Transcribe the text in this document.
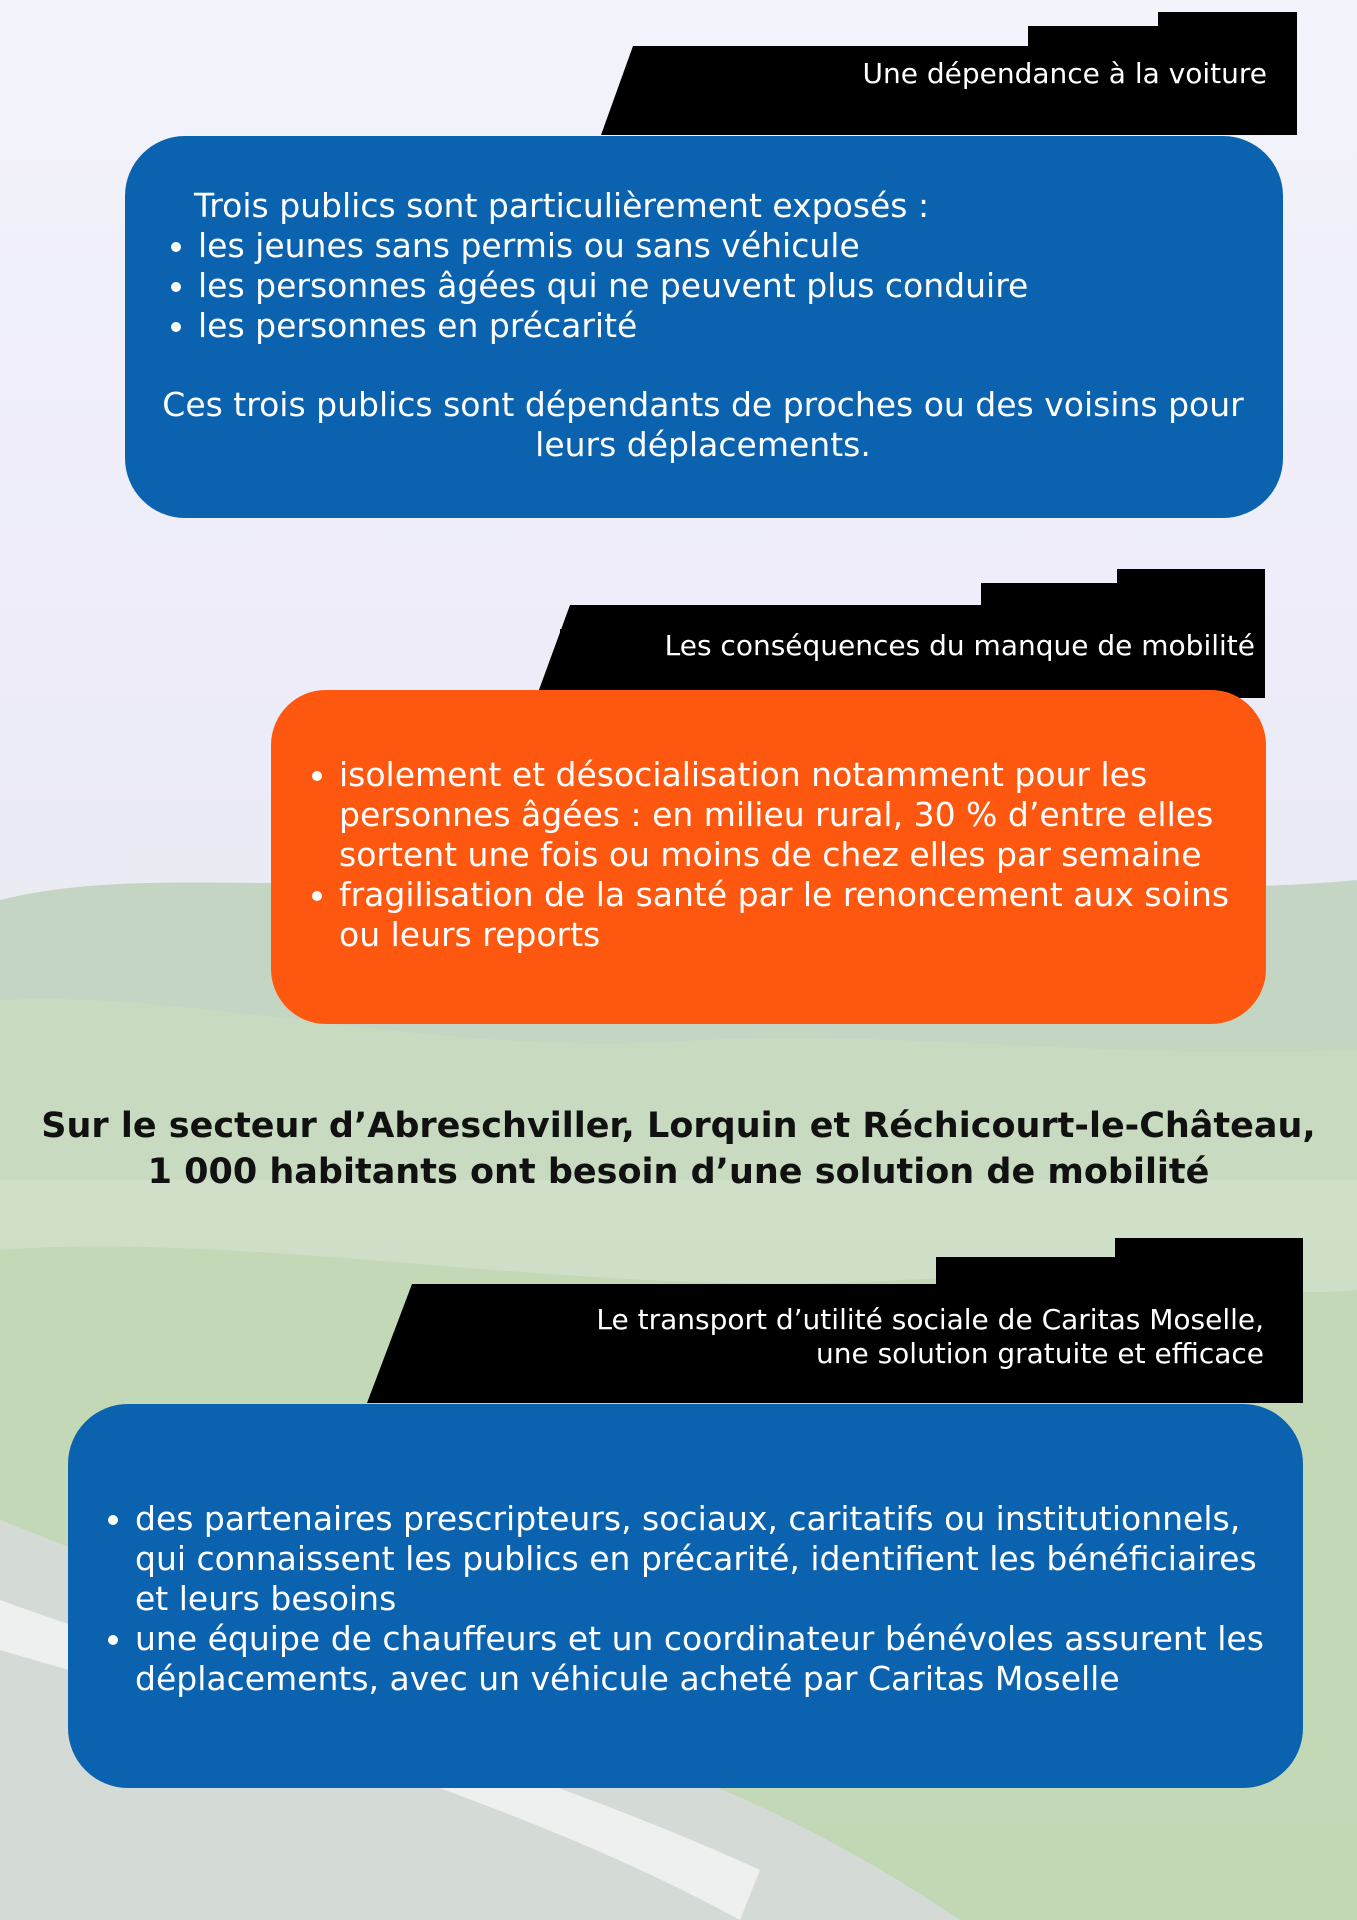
Une dépendance à la voiture

Trois publics sont particulièrement exposés :

• les jeunes sans permis ou sans véhicule
• les personnes âgées qui ne peuvent plus conduire
• les personnes en précarité

Ces trois publics sont dépendants de proches ou des voisins pour leurs déplacements.

Les conséquences du manque de mobilité
• isolement et désocialisation notamment pour les personnes âgées : en milieu rural, 30 % d’entre elles sortent une fois ou moins de chez elles par semaine
• fragilisation de la santé par le renoncement aux soins ou leurs reports
Sur le secteur d’Abreschviller, Lorquin et Réchicourt-le-Château,
1 000 habitants ont besoin d’une solution de mobilité
Le transport d’utilité sociale de Caritas Moselle,
une solution gratuite et efficace
• des partenaires prescripteurs, sociaux, caritatifs ou institutionnels, qui connaissent les publics en précarité, identifient les bénéficiaires et leurs besoins
• une équipe de chauffeurs et un coordinateur bénévoles assurent les déplacements, avec un véhicule acheté par Caritas Moselle
